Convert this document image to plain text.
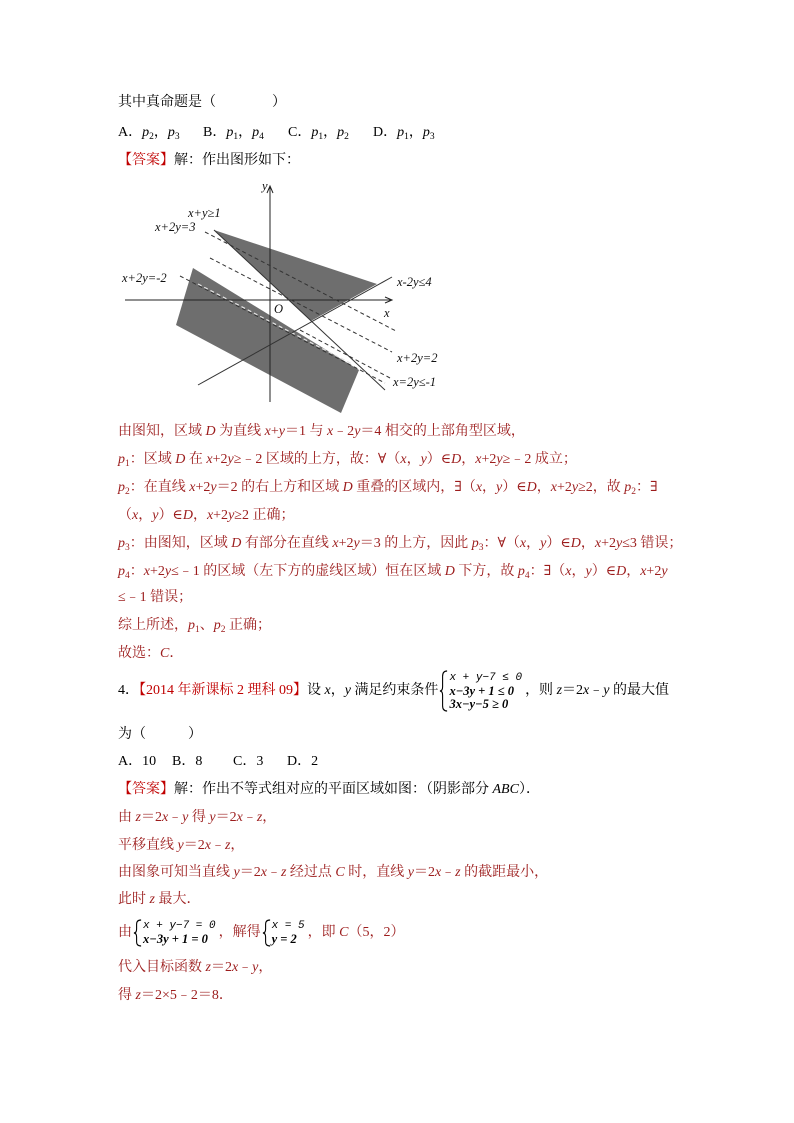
其中真命题是（　　　　）
A．$p_2$，$p_3$ B．$p_1$，$p_4$ C．$p_1$，$p_2$ D．$p_1$，$p_3$
【答案】解：作出图形如下：
y
x
O
x+y≥1
x+2y=3
x+2y=-2	x-2y≤4
x+2y=2
x=2y≤-1
由图知，区域 D 为直线 x+y＝1 与 x﹣2y＝4 相交的上部角型区域，
$p_1$：区域 D 在 x+2y≥﹣2 区域的上方，故：∀（x，y）∈D，x+2y≥﹣2 成立；
$p_2$：在直线 x+2y＝2 的右上方和区域 D 重叠的区域内，∃（x，y）∈D，x+2y≥2，故 $p_2$：∃
（x，y）∈D，x+2y≥2 正确；
$p_3$：由图知，区域 D 有部分在直线 x+2y＝3 的上方，因此 $p_3$：∀（x，y）∈D，x+2y≤3 错误；
$p_4$：x+2y≤﹣1 的区域（左下方的虚线区域）恒在区域 D 下方，故 $p_4$：∃（x，y）∈D，x+2y
≤﹣1 错误；
综上所述，$p_1$、$p_2$ 正确；
故选：C．
4．【2014 年新课标 2 理科 09】设 x，y 满足约束条件
x + y−7 ≤ 0
x−3y + 1 ≤ 0
3x−y−5 ≥ 0
，则 z＝2x﹣y 的最大值
为（　　　）
A．10 B．8 C．3 D．2
【答案】解：作出不等式组对应的平面区域如图：（阴影部分 ABC）．
由 z＝2x﹣y 得 y＝2x﹣z，
平移直线 y＝2x﹣z，
由图象可知当直线 y＝2x﹣z 经过点 C 时，直线 y＝2x﹣z 的截距最小，
此时 z 最大．
由 x + y−7 = 0
x−3y + 1 = 0 ，解得 x = 5
y = 2 ，即 C（5，2）
代入目标函数 z＝2x﹣y，
得 z＝2×5﹣2＝8．
